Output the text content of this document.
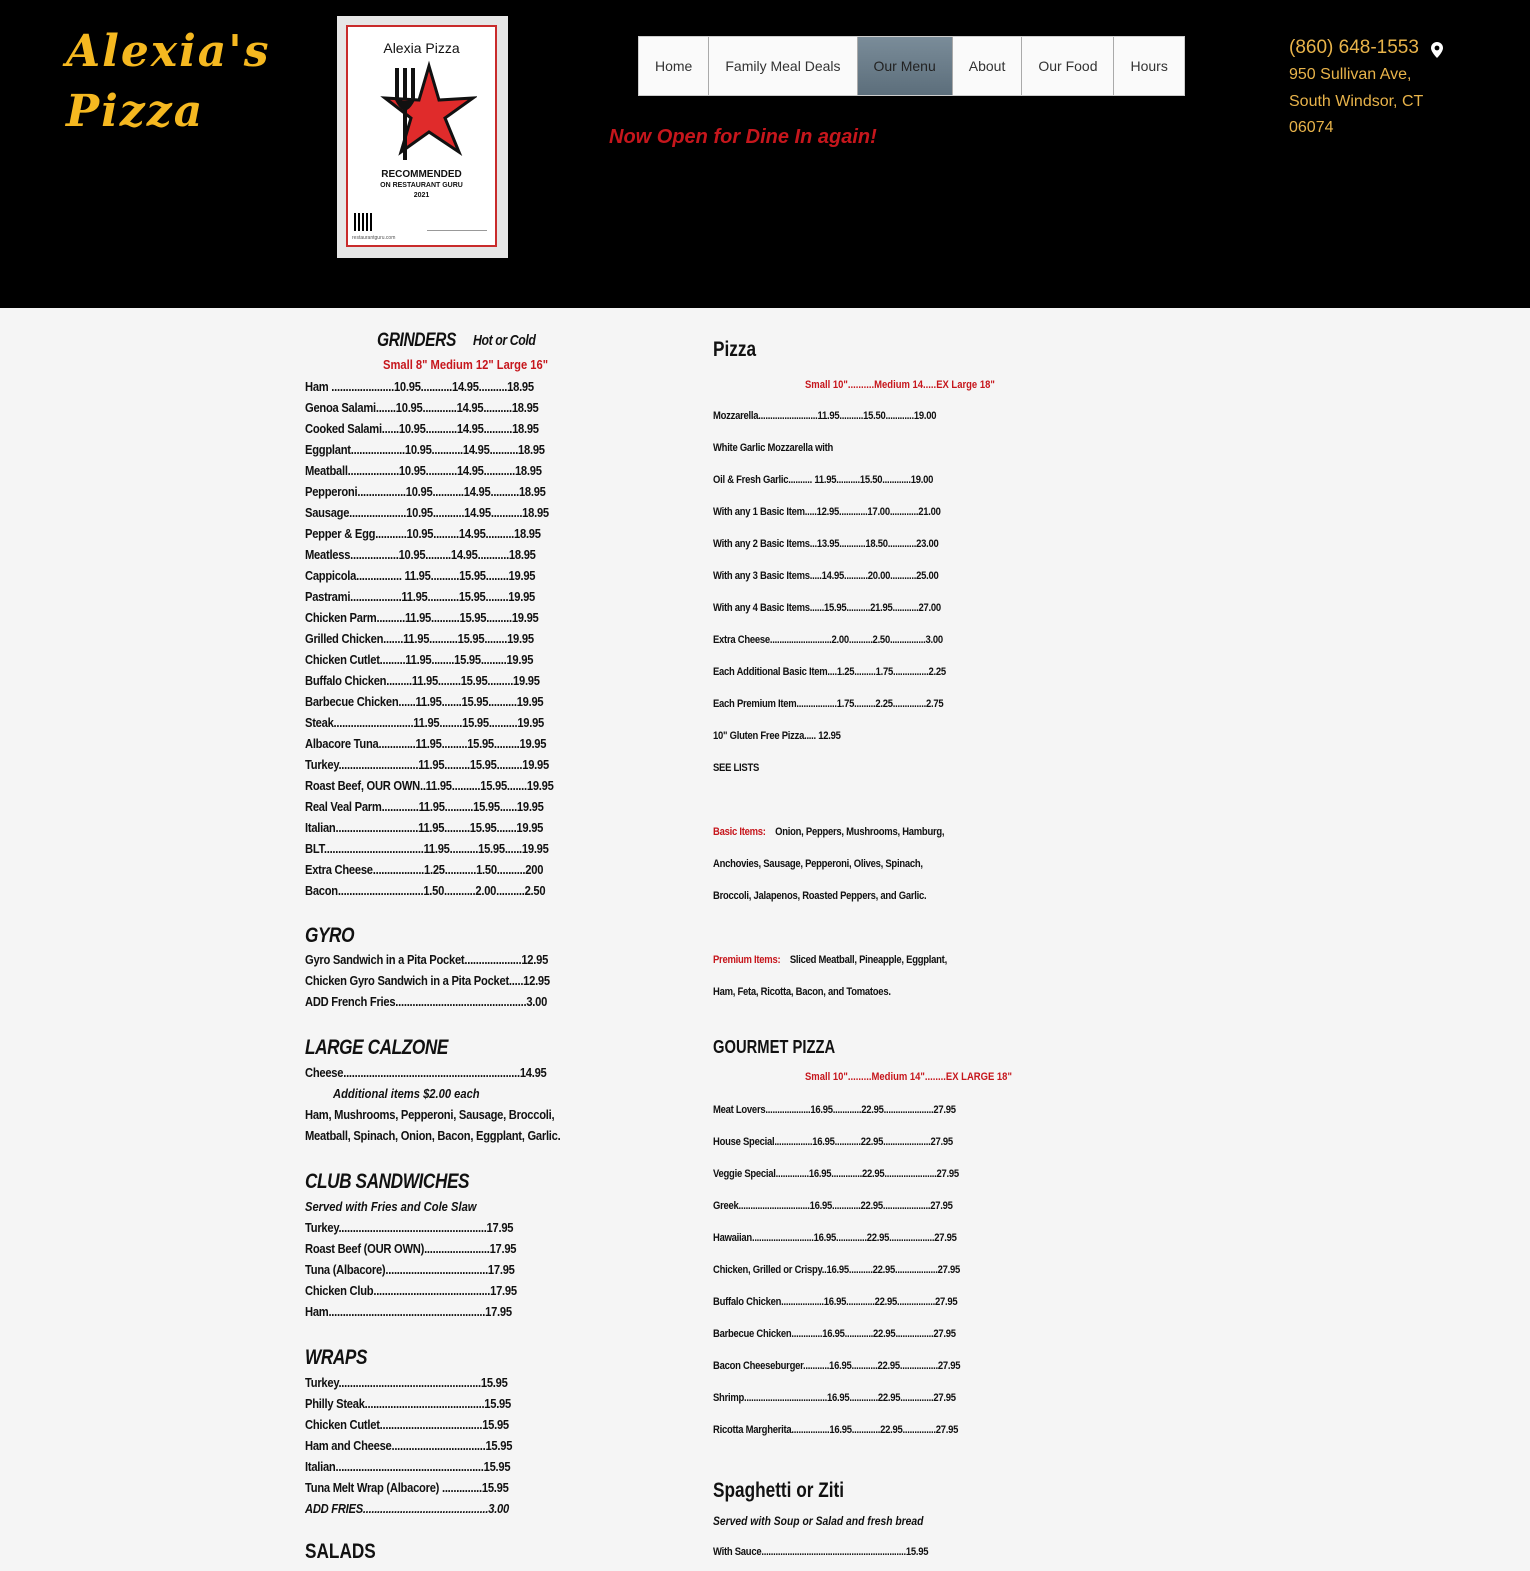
Alexia's
Pizza
Alexia Pizza
RECOMMENDED
ON RESTAURANT GURU
2021
restaurantguru.com
Home	Family Meal Deals	Our Menu	About	Our Food	Hours
Now Open for Dine In again!
(860) 648-1553
950 Sullivan Ave,
South Windsor, CT
06074
GRINDERS Hot or Cold
Small 8" Medium 12" Large 16"
Ham ......................10.95...........14.95..........18.95
Genoa Salami.......10.95............14.95..........18.95
Cooked Salami......10.95...........14.95..........18.95
Eggplant...................10.95...........14.95..........18.95
Meatball..................10.95...........14.95...........18.95
Pepperoni.................10.95...........14.95..........18.95
Sausage....................10.95...........14.95...........18.95
Pepper & Egg...........10.95.........14.95..........18.95
Meatless.................10.95.........14.95...........18.95
Cappicola................ 11.95..........15.95........19.95
Pastrami..................11.95...........15.95........19.95
Chicken Parm..........11.95..........15.95.........19.95
Grilled Chicken.......11.95..........15.95........19.95
Chicken Cutlet.........11.95........15.95.........19.95
Buffalo Chicken.........11.95........15.95.........19.95
Barbecue Chicken......11.95.......15.95..........19.95
Steak............................11.95........15.95..........19.95
Albacore Tuna.............11.95.........15.95.........19.95
Turkey............................11.95.........15.95.........19.95
Roast Beef, OUR OWN..11.95..........15.95.......19.95
Real Veal Parm.............11.95..........15.95......19.95
Italian.............................11.95.........15.95.......19.95
BLT...................................11.95..........15.95......19.95
Extra Cheese..................1.25...........1.50..........200
Bacon..............................1.50...........2.00..........2.50
GYRO
Gyro Sandwich in a Pita Pocket....................12.95
Chicken Gyro Sandwich in a Pita Pocket.....12.95
ADD French Fries..............................................3.00
LARGE CALZONE
Cheese..............................................................14.95
Additional items $2.00 each
Ham, Mushrooms, Pepperoni, Sausage, Broccoli,
Meatball, Spinach, Onion, Bacon, Eggplant, Garlic.
CLUB SANDWICHES
Served with Fries and Cole Slaw
Turkey....................................................17.95
Roast Beef (OUR OWN).......................17.95
Tuna (Albacore)....................................17.95
Chicken Club.........................................17.95
Ham.......................................................17.95
WRAPS
Turkey..................................................15.95
Philly Steak..........................................15.95
Chicken Cutlet....................................15.95
Ham and Cheese.................................15.95
Italian....................................................15.95
Tuna Melt Wrap (Albacore) ..............15.95
ADD FRIES............................................3.00
SALADS
Pizza
Small 10"..........Medium 14.....EX Large 18"
Mozzarella.........................11.95..........15.50............19.00
White Garlic Mozzarella with
Oil & Fresh Garlic.......... 11.95..........15.50............19.00
With any 1 Basic Item.....12.95............17.00............21.00
With any 2 Basic Items...13.95...........18.50............23.00
With any 3 Basic Items.....14.95..........20.00...........25.00
With any 4 Basic Items......15.95..........21.95...........27.00
Extra Cheese..........................2.00..........2.50...............3.00
Each Additional Basic Item....1.25.........1.75...............2.25
Each Premium Item.................1.75.........2.25..............2.75
10" Gluten Free Pizza..... 12.95
SEE LISTS
Basic Items: Onion, Peppers, Mushrooms, Hamburg,
Anchovies, Sausage, Pepperoni, Olives, Spinach,
Broccoli, Jalapenos, Roasted Peppers, and Garlic.
Premium Items: Sliced Meatball, Pineapple, Eggplant,
Ham, Feta, Ricotta, Bacon, and Tomatoes.
GOURMET PIZZA
Small 10".........Medium 14"........EX LARGE 18"
Meat Lovers...................16.95............22.95.....................27.95
House Special................16.95...........22.95....................27.95
Veggie Special..............16.95.............22.95......................27.95
Greek..............................16.95............22.95....................27.95
Hawaiian..........................16.95.............22.95...................27.95
Chicken, Grilled or Crispy..16.95..........22.95..................27.95
Buffalo Chicken..................16.95............22.95................27.95
Barbecue Chicken.............16.95............22.95................27.95
Bacon Cheeseburger...........16.95...........22.95................27.95
Shrimp...................................16.95............22.95..............27.95
Ricotta Margherita................16.95............22.95..............27.95
Spaghetti or Ziti
Served with Soup or Salad and fresh bread
With Sauce.............................................................15.95
